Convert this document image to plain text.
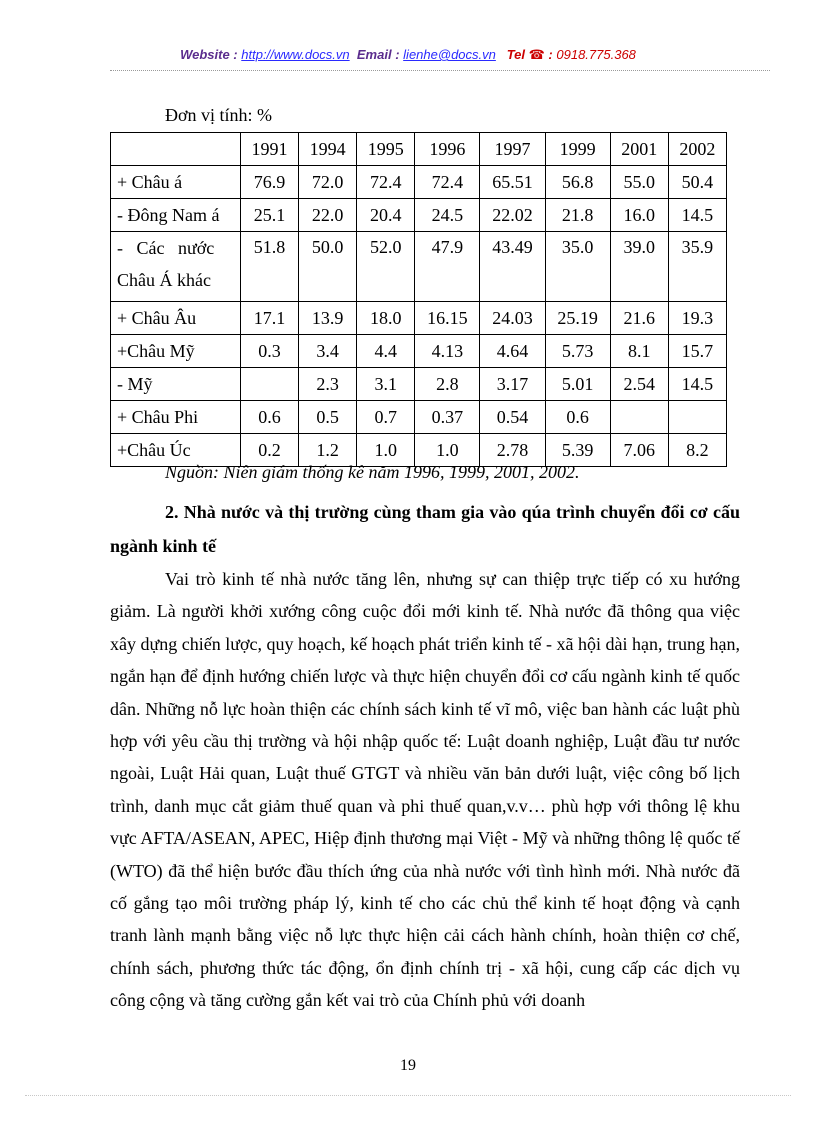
Website : http://www.docs.vn Email : lienhe@docs.vn Tel ☎ : 0918.775.368
Đơn vị tính: %
	1991	1994	1995	1996	1997	1999	2001	2002
+ Châu á	76.9	72.0	72.4	72.4	65.51	56.8	55.0	50.4
- Đông Nam á	25.1	22.0	20.4	24.5	22.02	21.8	16.0	14.5

-   Các   nước
Châu Á khác	51.8	50.0	52.0	47.9	43.49	35.0	39.0	35.9
+ Châu Âu	17.1	13.9	18.0	16.15	24.03	25.19	21.6	19.3
+Châu Mỹ	0.3	3.4	4.4	4.13	4.64	5.73	8.1	15.7
- Mỹ		2.3	3.1	2.8	3.17	5.01	2.54	14.5
+ Châu Phi	0.6	0.5	0.7	0.37	0.54	0.6		
+Châu Úc	0.2	1.2	1.0	1.0	2.78	5.39	7.06	8.2
Nguồn: Niên giám thống kê năm 1996, 1999, 2001, 2002.
2. Nhà nước và thị trường cùng tham gia vào qúa trình chuyển đổi cơ cấu ngành kinh tế

Vai trò kinh tế nhà nước tăng lên, nhưng sự can thiệp trực tiếp có xu hướng giảm. Là người khởi xướng công cuộc đổi mới kinh tế. Nhà nước đã thông qua việc xây dựng chiến lược, quy hoạch, kế hoạch phát triển kinh tế - xã hội dài hạn, trung hạn, ngắn hạn để định hướng chiến lược và thực hiện chuyển đổi cơ cấu ngành kinh tế quốc dân. Những nỗ lực hoàn thiện các chính sách kinh tế vĩ mô, việc ban hành các luật phù hợp với yêu cầu thị trường và hội nhập quốc tế: Luật doanh nghiệp, Luật đầu tư nước ngoài, Luật Hải quan, Luật thuế GTGT và nhiều văn bản dưới luật, việc công bố lịch trình, danh mục cắt giảm thuế quan và phi thuế quan,v.v… phù hợp với thông lệ khu vực AFTA/ASEAN, APEC, Hiệp định thương mại Việt - Mỹ và những thông lệ quốc tế (WTO) đã thể hiện bước đầu thích ứng của nhà nước với tình hình mới. Nhà nước đã cố gắng tạo môi trường pháp lý, kinh tế cho các chủ thể kinh tế hoạt động và cạnh tranh lành mạnh bằng việc nỗ lực thực hiện cải cách hành chính, hoàn thiện cơ chế, chính sách, phương thức tác động, ổn định chính trị - xã hội, cung cấp các dịch vụ công cộng và tăng cường gắn kết vai trò của Chính phủ với doanh

19
